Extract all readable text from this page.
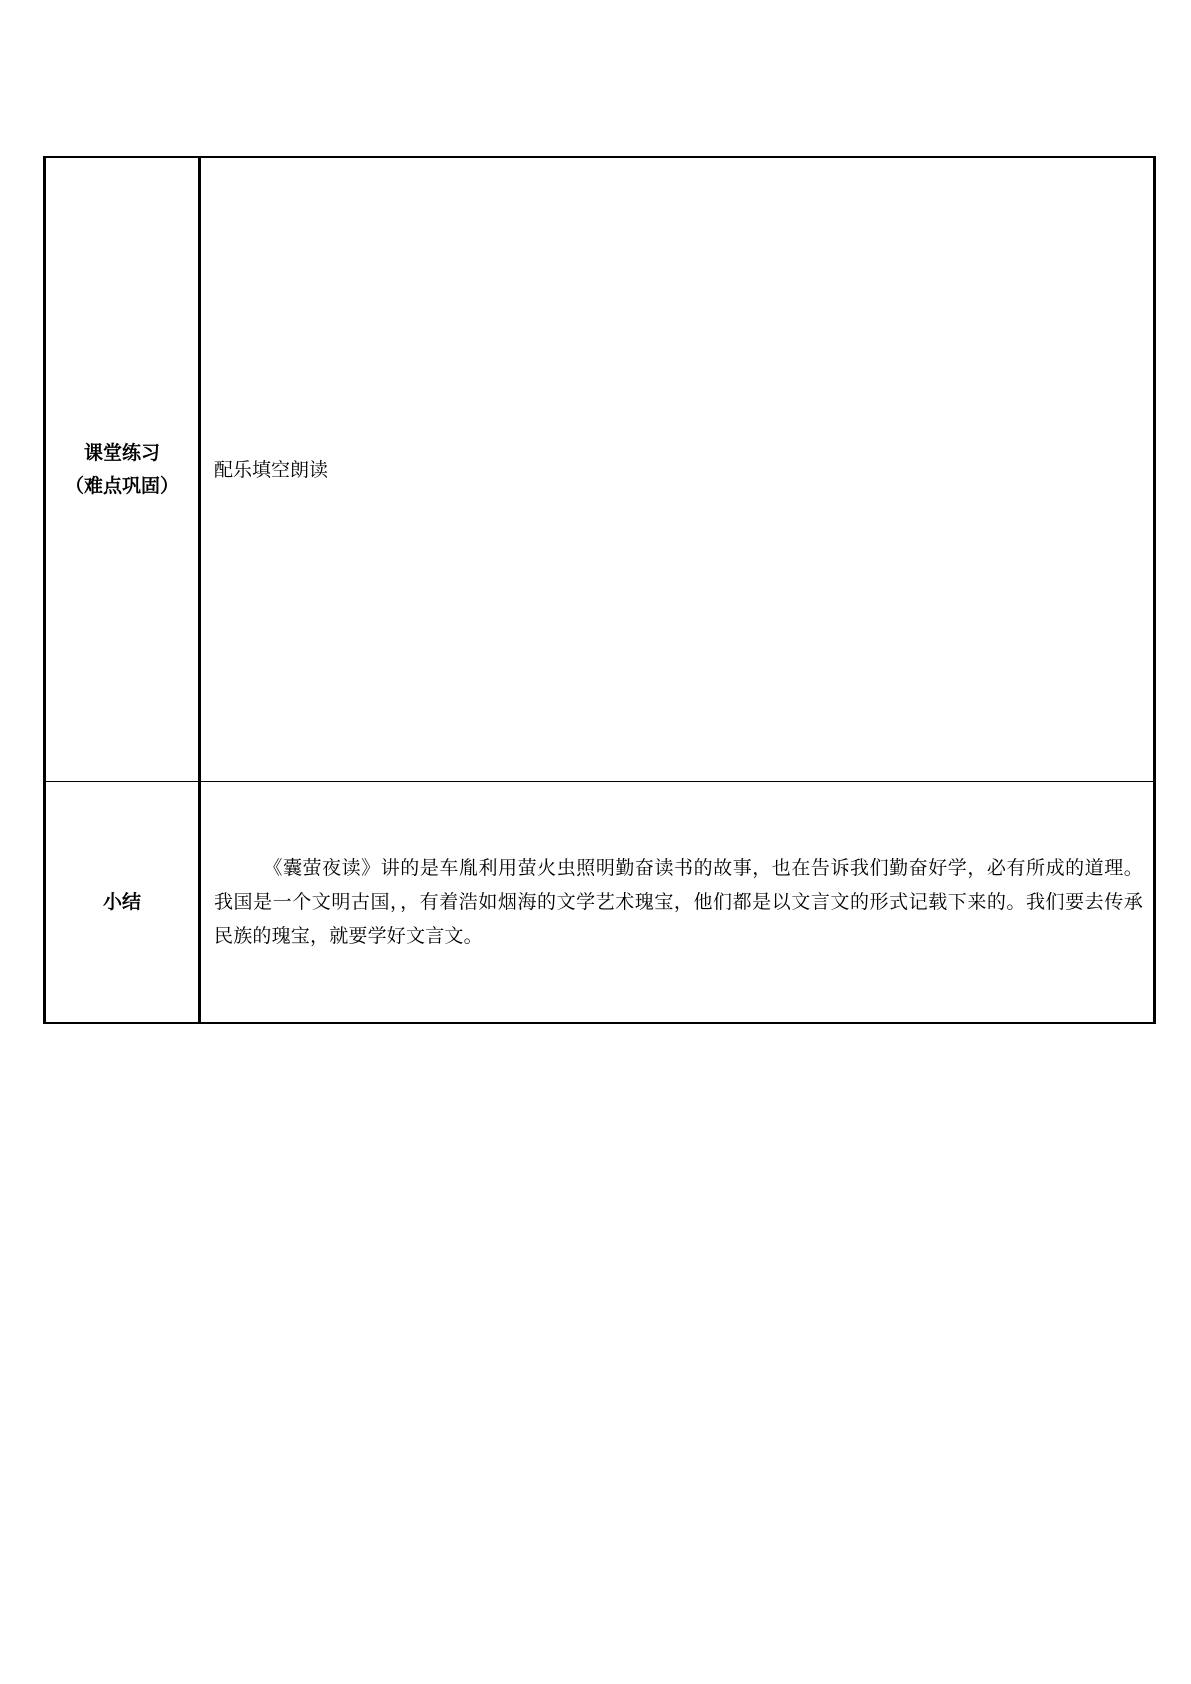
课堂练习
（难点巩固）	配乐填空朗读

小结	《囊萤夜读》讲的是车胤利用萤火虫照明勤奋读书的故事，也在告诉我们勤奋好学，必有所成的道理。我国是一个文明古国，，有着浩如烟海的文学艺术瑰宝，他们都是以文言文的形式记载下来的。我们要去传承民族的瑰宝，就要学好文言文。
